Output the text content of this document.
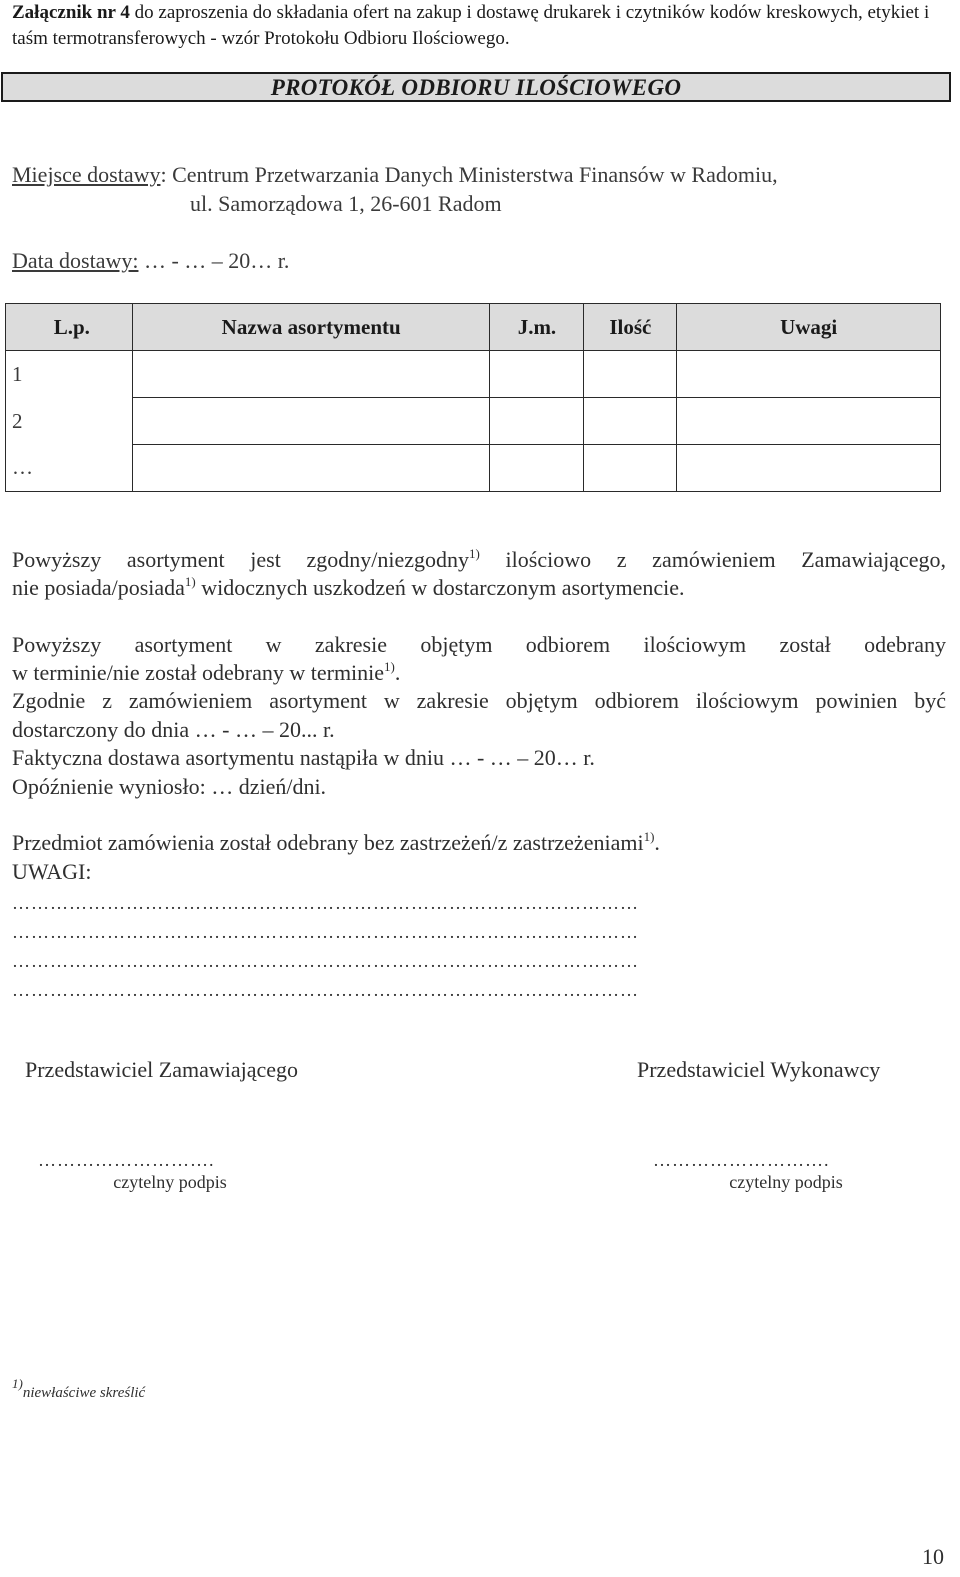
Załącznik nr 4 do zaproszenia do składania ofert na zakup i dostawę drukarek i czytników kodów kreskowych, etykiet i taśm termotransferowych - wzór Protokołu Odbioru Ilościowego.
PROTOKÓŁ ODBIORU ILOŚCIOWEGO
Miejsce dostawy: Centrum Przetwarzania Danych Ministerstwa Finansów w Radomiu,
ul. Samorządowa 1, 26-601 Radom
Data dostawy: … - … – 20… r.
L.p.	Nazwa asortymentu	J.m.	Ilość	Uwagi
1				
2				
…				
Powyższy asortyment jest zgodny/niezgodny$^{1)}$ ilościowo z zamówieniem Zamawiającego,
nie posiada/posiada$^{1)}$ widocznych uszkodzeń w dostarczonym asortymencie.
Powyższy asortyment w zakresie objętym odbiorem ilościowym został odebrany
w terminie/nie został odebrany w terminie$^{1)}$.
Zgodnie z zamówieniem asortyment w zakresie objętym odbiorem ilościowym powinien być
dostarczony do dnia … - … – 20... r.
Faktyczna dostawa asortymentu nastąpiła w dniu … - … – 20… r.
Opóźnienie wyniosło: … dzień/dni.
Przedmiot zamówienia został odebrany bez zastrzeżeń/z zastrzeżeniami$^{1)}$.
UWAGI:
………………………………………………………………………………………
………………………………………………………………………………………
………………………………………………………………………………………
………………………………………………………………………………………
Przedstawiciel Zamawiającego	Przedstawiciel Wykonawcy
……………………….	……………………….
czytelny podpis	czytelny podpis
$^{1)}$niewłaściwe skreślić
10
